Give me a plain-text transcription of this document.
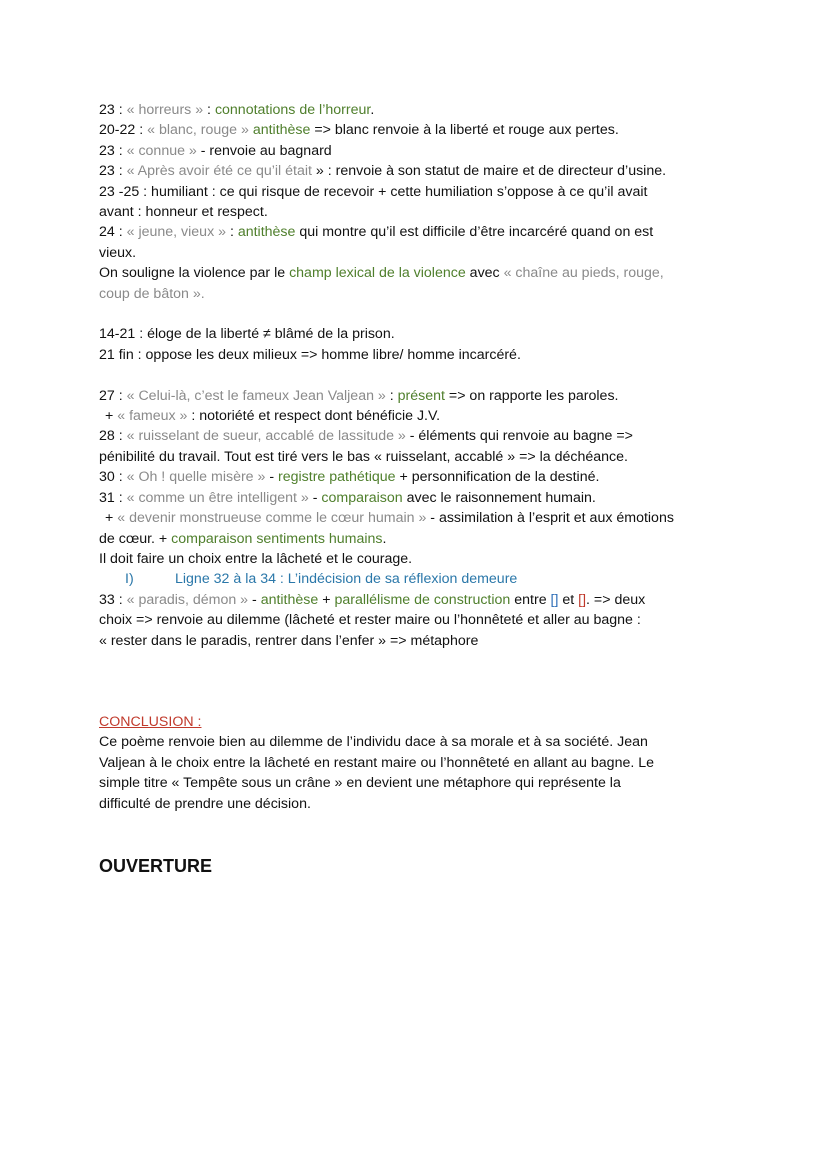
23 : « horreurs » : connotations de l’horreur.
20-22 : « blanc, rouge » antithèse => blanc renvoie à la liberté et rouge aux pertes.
23 : « connue » - renvoie au bagnard
23 : « Après avoir été ce qu’il était » : renvoie à son statut de maire et de directeur d’usine.
23 -25 : humiliant : ce qui risque de recevoir + cette humiliation s’oppose à ce qu’il avait
avant : honneur et respect.
24 : « jeune, vieux » : antithèse qui montre qu’il est difficile d’être incarcéré quand on est
vieux.
On souligne la violence par le champ lexical de la violence avec « chaîne au pieds, rouge,
coup de bâton ».
14-21 : éloge de la liberté ≠ blâmé de la prison.
21 fin : oppose les deux milieux => homme libre/ homme incarcéré.
27 : « Celui-là, c’est le fameux Jean Valjean » : présent => on rapporte les paroles.
+ « fameux » : notoriété et respect dont bénéficie J.V.
28 : « ruisselant de sueur, accablé de lassitude » - éléments qui renvoie au bagne =>
pénibilité du travail. Tout est tiré vers le bas « ruisselant, accablé » => la déchéance.
30 : « Oh ! quelle misère » - registre pathétique + personnification de la destiné.
31 : « comme un être intelligent » - comparaison avec le raisonnement humain.
+ « devenir monstrueuse comme le cœur humain » - assimilation à l’esprit et aux émotions
de cœur. + comparaison sentiments humains.
Il doit faire un choix entre la lâcheté et le courage.
I)	Ligne 32 à la 34 : L’indécision de sa réflexion demeure
33 : « paradis, démon » - antithèse + parallélisme de construction entre [] et []. => deux
choix => renvoie au dilemme (lâcheté et rester maire ou l’honnêteté et aller au bagne :
« rester dans le paradis, rentrer dans l’enfer » => métaphore
CONCLUSION :
Ce poème renvoie bien au dilemme de l’individu dace à sa morale et à sa société. Jean
Valjean à le choix entre la lâcheté en restant maire ou l’honnêteté en allant au bagne. Le
simple titre « Tempête sous un crâne » en devient une métaphore qui représente la
difficulté de prendre une décision.
OUVERTURE
